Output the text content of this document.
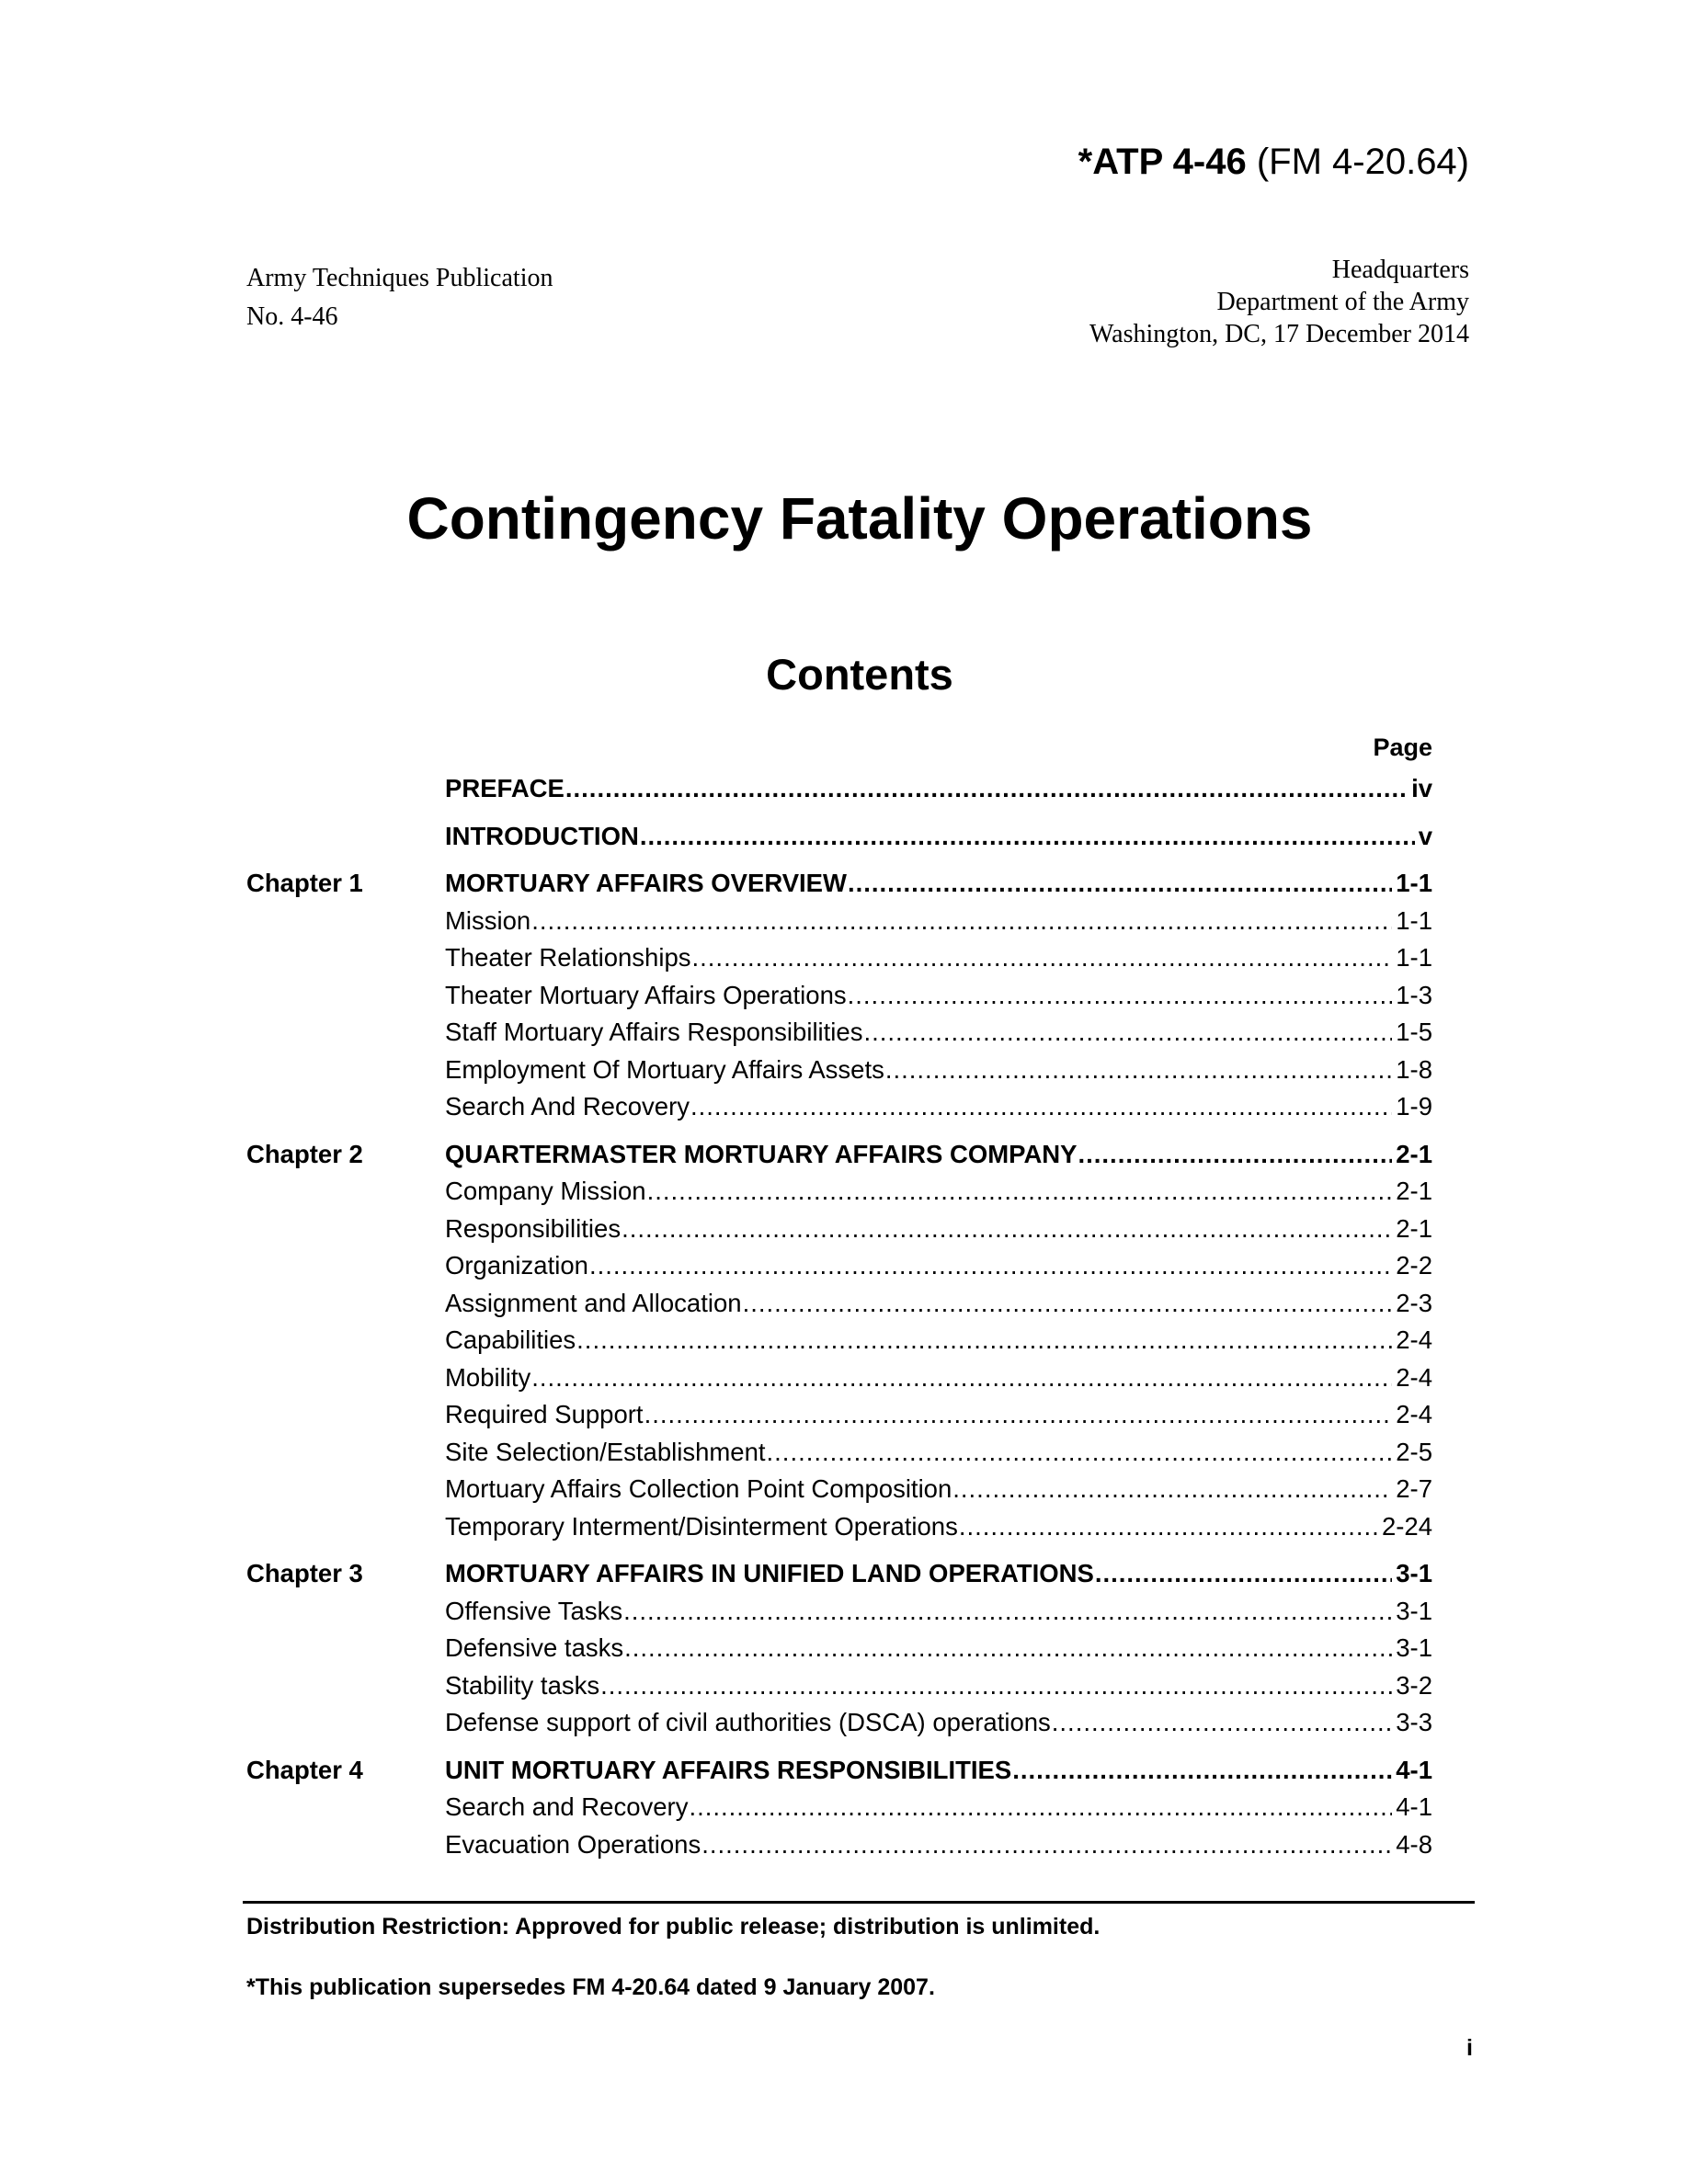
*ATP 4-46 (FM 4-20.64)
Army Techniques Publication
No. 4-46
Headquarters
Department of the Army
Washington, DC, 17 December 2014
Contingency Fatality Operations
Contents
Page
PREFACE .....	iv
INTRODUCTION .....	v
Chapter 1	MORTUARY AFFAIRS OVERVIEW .....	1-1
Mission .....	1-1
Theater Relationships .....	1-1
Theater Mortuary Affairs Operations .....	1-3
Staff Mortuary Affairs Responsibilities .....	1-5
Employment Of Mortuary Affairs Assets .....	1-8
Search And Recovery .....	1-9
Chapter 2	QUARTERMASTER MORTUARY AFFAIRS COMPANY .....	2-1
Company Mission .....	2-1
Responsibilities .....	2-1
Organization .....	2-2
Assignment and Allocation .....	2-3
Capabilities .....	2-4
Mobility .....	2-4
Required Support .....	2-4
Site Selection/Establishment .....	2-5
Mortuary Affairs Collection Point Composition .....	2-7
Temporary Interment/Disinterment Operations .....	2-24
Chapter 3	MORTUARY AFFAIRS IN UNIFIED LAND OPERATIONS .....	3-1
Offensive Tasks .....	3-1
Defensive tasks .....	3-1
Stability tasks .....	3-2
Defense support of civil authorities (DSCA) operations .....	3-3
Chapter 4	UNIT MORTUARY AFFAIRS RESPONSIBILITIES .....	4-1
Search and Recovery .....	4-1
Evacuation Operations .....	4-8
Distribution Restriction: Approved for public release; distribution is unlimited.
*This publication supersedes FM 4-20.64 dated 9 January 2007.
i
